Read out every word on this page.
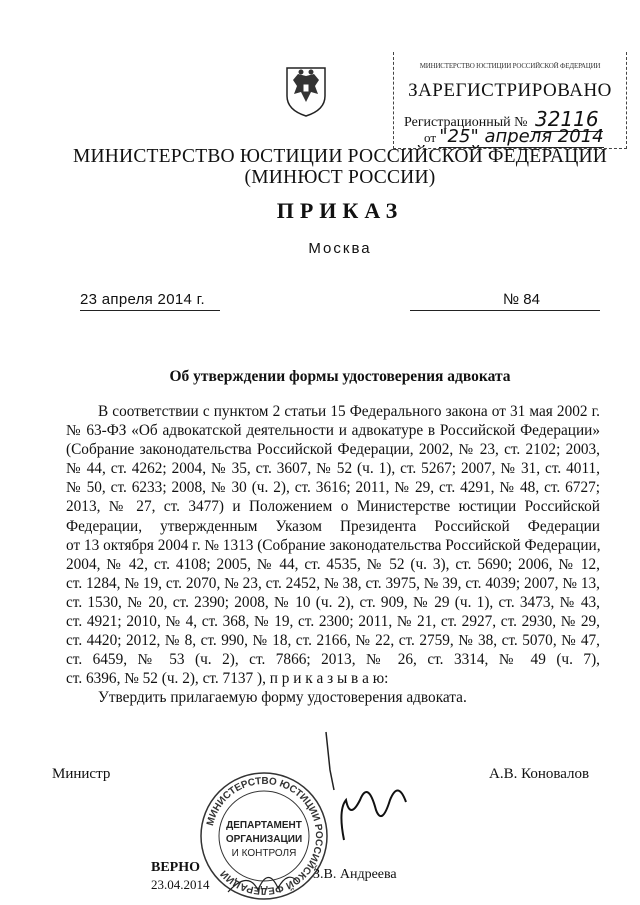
МИНИСТЕРСТВО ЮСТИЦИИ РОССИЙСКОЙ ФЕДЕРАЦИИ
ЗАРЕГИСТРИРОВАНО
Регистрационный № 32116
от "25" апреля 2014
МИНИСТЕРСТВО ЮСТИЦИИ РОССИЙСКОЙ ФЕДЕРАЦИИ
(МИНЮСТ РОССИИ)
ПРИКАЗ
Москва
23 апреля 2014 г.	№ 84
Об утверждении формы удостоверения адвоката
В соответствии с пунктом 2 статьи 15 Федерального закона от 31 мая 2002 г.
№ 63-ФЗ «Об адвокатской деятельности и адвокатуре в Российской Федерации»
(Собрание законодательства Российской Федерации, 2002, № 23, ст. 2102; 2003,
№ 44, ст. 4262; 2004, № 35, ст. 3607, № 52 (ч. 1), ст. 5267; 2007, № 31, ст. 4011,
№ 50, ст. 6233; 2008, № 30 (ч. 2), ст. 3616; 2011, № 29, ст. 4291, № 48, ст. 6727;
2013, № 27, ст. 3477) и Положением о Министерстве юстиции Российской
Федерации, утвержденным Указом Президента Российской Федерации
от 13 октября 2004 г. № 1313 (Собрание законодательства Российской Федерации,
2004, № 42, ст. 4108; 2005, № 44, ст. 4535, № 52 (ч. 3), ст. 5690; 2006, № 12,
ст. 1284, № 19, ст. 2070, № 23, ст. 2452, № 38, ст. 3975, № 39, ст. 4039; 2007, № 13,
ст. 1530, № 20, ст. 2390; 2008, № 10 (ч. 2), ст. 909, № 29 (ч. 1), ст. 3473, № 43,
ст. 4921; 2010, № 4, ст. 368, № 19, ст. 2300; 2011, № 21, ст. 2927, ст. 2930, № 29,
ст. 4420; 2012, № 8, ст. 990, № 18, ст. 2166, № 22, ст. 2759, № 38, ст. 5070, № 47,
ст. 6459, № 53 (ч. 2), ст. 7866; 2013, № 26, ст. 3314, № 49 (ч. 7),
ст. 6396, № 52 (ч. 2), ст. 7137 ), п р и к а з ы в а ю:
Утвердить прилагаемую форму удостоверения адвоката.
Министр	А.В. Коновалов
МИНИСТЕРСТВО ЮСТИЦИИ РОССИЙСКОЙ ФЕДЕРАЦИИ
ДЕПАРТАМЕНТ
ОРГАНИЗАЦИИ
И КОНТРОЛЯ
ВЕРНО
23.04.2014
З.В. Андреева
